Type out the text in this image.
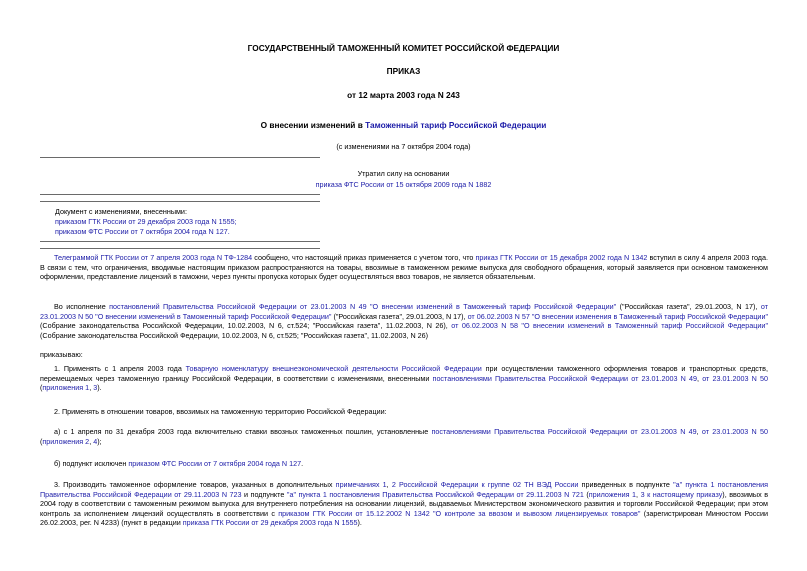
ГОСУДАРСТВЕННЫЙ ТАМОЖЕННЫЙ КОМИТЕТ РОССИЙСКОЙ ФЕДЕРАЦИИ
ПРИКАЗ
от 12 марта 2003 года N 243
О внесении изменений в Таможенный тариф Российской Федерации
(с изменениями на 7 октября 2004 года)
Утратил силу на основании
приказа ФТС России от 15 октября 2009 года N 1882
Документ с изменениями, внесенными:
приказом ГТК России от 29 декабря 2003 года N 1555;
приказом ФТС России от 7 октября 2004 года N 127.

Телеграммой ГТК России от 7 апреля 2003 года N ТФ-1284 сообщено, что настоящий приказ применяется с учетом того, что приказ ГТК России от 15 декабря 2002 года N 1342 вступил в силу 4 апреля 2003 года. В связи с тем, что ограничения, вводимые настоящим приказом распространяются на товары, ввозимые в таможенном режиме выпуска для свободного обращения, который заявляется при основном таможенном оформлении, представление лицензий в таможни, через пункты пропуска которых будет осуществляться ввоз товаров, не является обязательным.

Во исполнение постановлений Правительства Российской Федерации от 23.01.2003 N 49 "О внесении изменений в Таможенный тариф Российской Федерации" ("Российская газета", 29.01.2003, N 17), от 23.01.2003 N 50 "О внесении изменений в Таможенный тариф Российской Федерации" ("Российская газета", 29.01.2003, N 17), от 06.02.2003 N 57 "О внесении изменения в Таможенный тариф Российской Федерации" (Собрание законодательства Российской Федерации, 10.02.2003, N 6, ст.524; "Российская газета", 11.02.2003, N 26), от 06.02.2003 N 58 "О внесении изменений в Таможенный тариф Российской Федерации" (Собрание законодательства Российской Федерации, 10.02.2003, N 6, ст.525; "Российская газета", 11.02.2003, N 26)

приказываю:

1. Применять с 1 апреля 2003 года Товарную номенклатуру внешнеэкономической деятельности Российской Федерации при осуществлении таможенного оформления товаров и транспортных средств, перемещаемых через таможенную границу Российской Федерации, в соответствии с изменениями, внесенными постановлениями Правительства Российской Федерации от 23.01.2003 N 49, от 23.01.2003 N 50 (приложения 1, 3).

2. Применять в отношении товаров, ввозимых на таможенную территорию Российской Федерации:

а) с 1 апреля по 31 декабря 2003 года включительно ставки ввозных таможенных пошлин, установленные постановлениями Правительства Российской Федерации от 23.01.2003 N 49, от 23.01.2003 N 50 (приложения 2, 4);

б) подпункт исключен приказом ФТС России от 7 октября 2004 года N 127.

3. Производить таможенное оформление товаров, указанных в дополнительных примечаниях 1, 2 Российской Федерации к группе 02 ТН ВЭД России приведенных в подпункте "а" пункта 1 постановления Правительства Российской Федерации от 29.11.2003 N 723 и подпункте "а" пункта 1 постановления Правительства Российской Федерации от 29.11.2003 N 721 (приложения 1, 3 к настоящему приказу), ввозимых в 2004 году в соответствии с таможенным режимом выпуска для внутреннего потребления на основании лицензий, выдаваемых Министерством экономического развития и торговли Российской Федерации; при этом контроль за исполнением лицензий осуществлять в соответствии с приказом ГТК России от 15.12.2002 N 1342 "О контроле за ввозом и вывозом лицензируемых товаров" (зарегистрирован Минюстом России 26.02.2003, рег. N 4233) (пункт в редакции приказа ГТК России от 29 декабря 2003 года N 1555).
